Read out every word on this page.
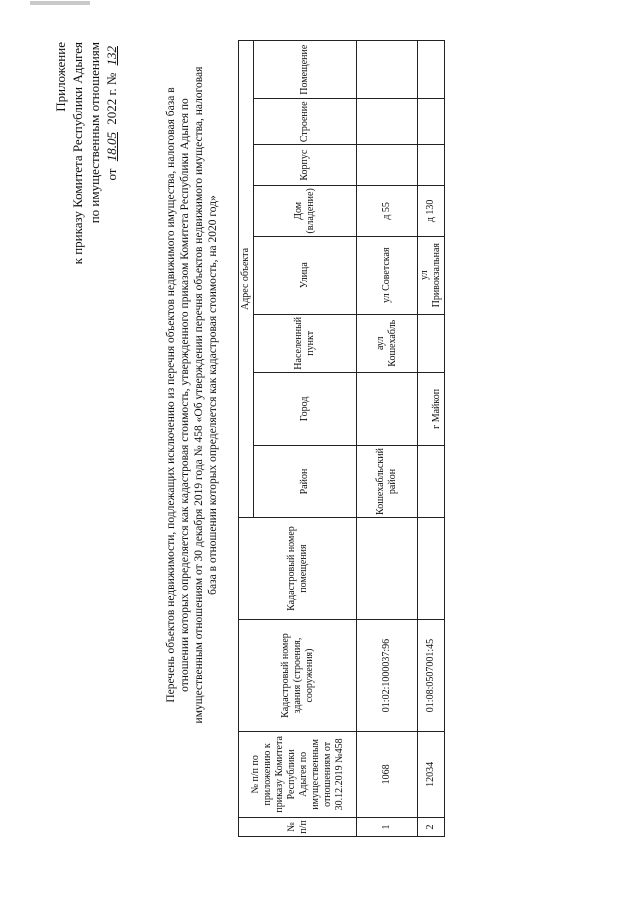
Приложение к приказу Комитета Республики Адыгея по имущественным отношениям от 18.05 2022 г. № 132
Перечень объектов недвижимости, подлежащих исключению из перечня объектов недвижимого имущества, налоговая база в отношении которых определяется как кадастровая стоимость, утвержденного приказом Комитета Республики Адыгея по имущественным отношениям от 30 декабря 2019 года № 458 «Об утверждении перечня объектов недвижимого имущества, налоговая база в отношении которых определяется как кадастровая стоимость, на 2020 год»
№ п/п	№ п/п по приложению к приказу Комитета Республики Адыгея по имущественным отношениям от 30.12.2019 №458	Кадастровый номер здания (строения, сооружения)	Кадастровый номер помещения	Адрес объекта							
				Район	Город	Населенный пункт	Улица	Дом (владение)	Корпус	Строение	Помещение
1	1068	01:02:1000037:96		Кошехабльский район		аул Кошехабль	ул Советская	д 55			
2	12034	01:08:0507001:45			г Майкоп		ул Привокзальная	д 130			
